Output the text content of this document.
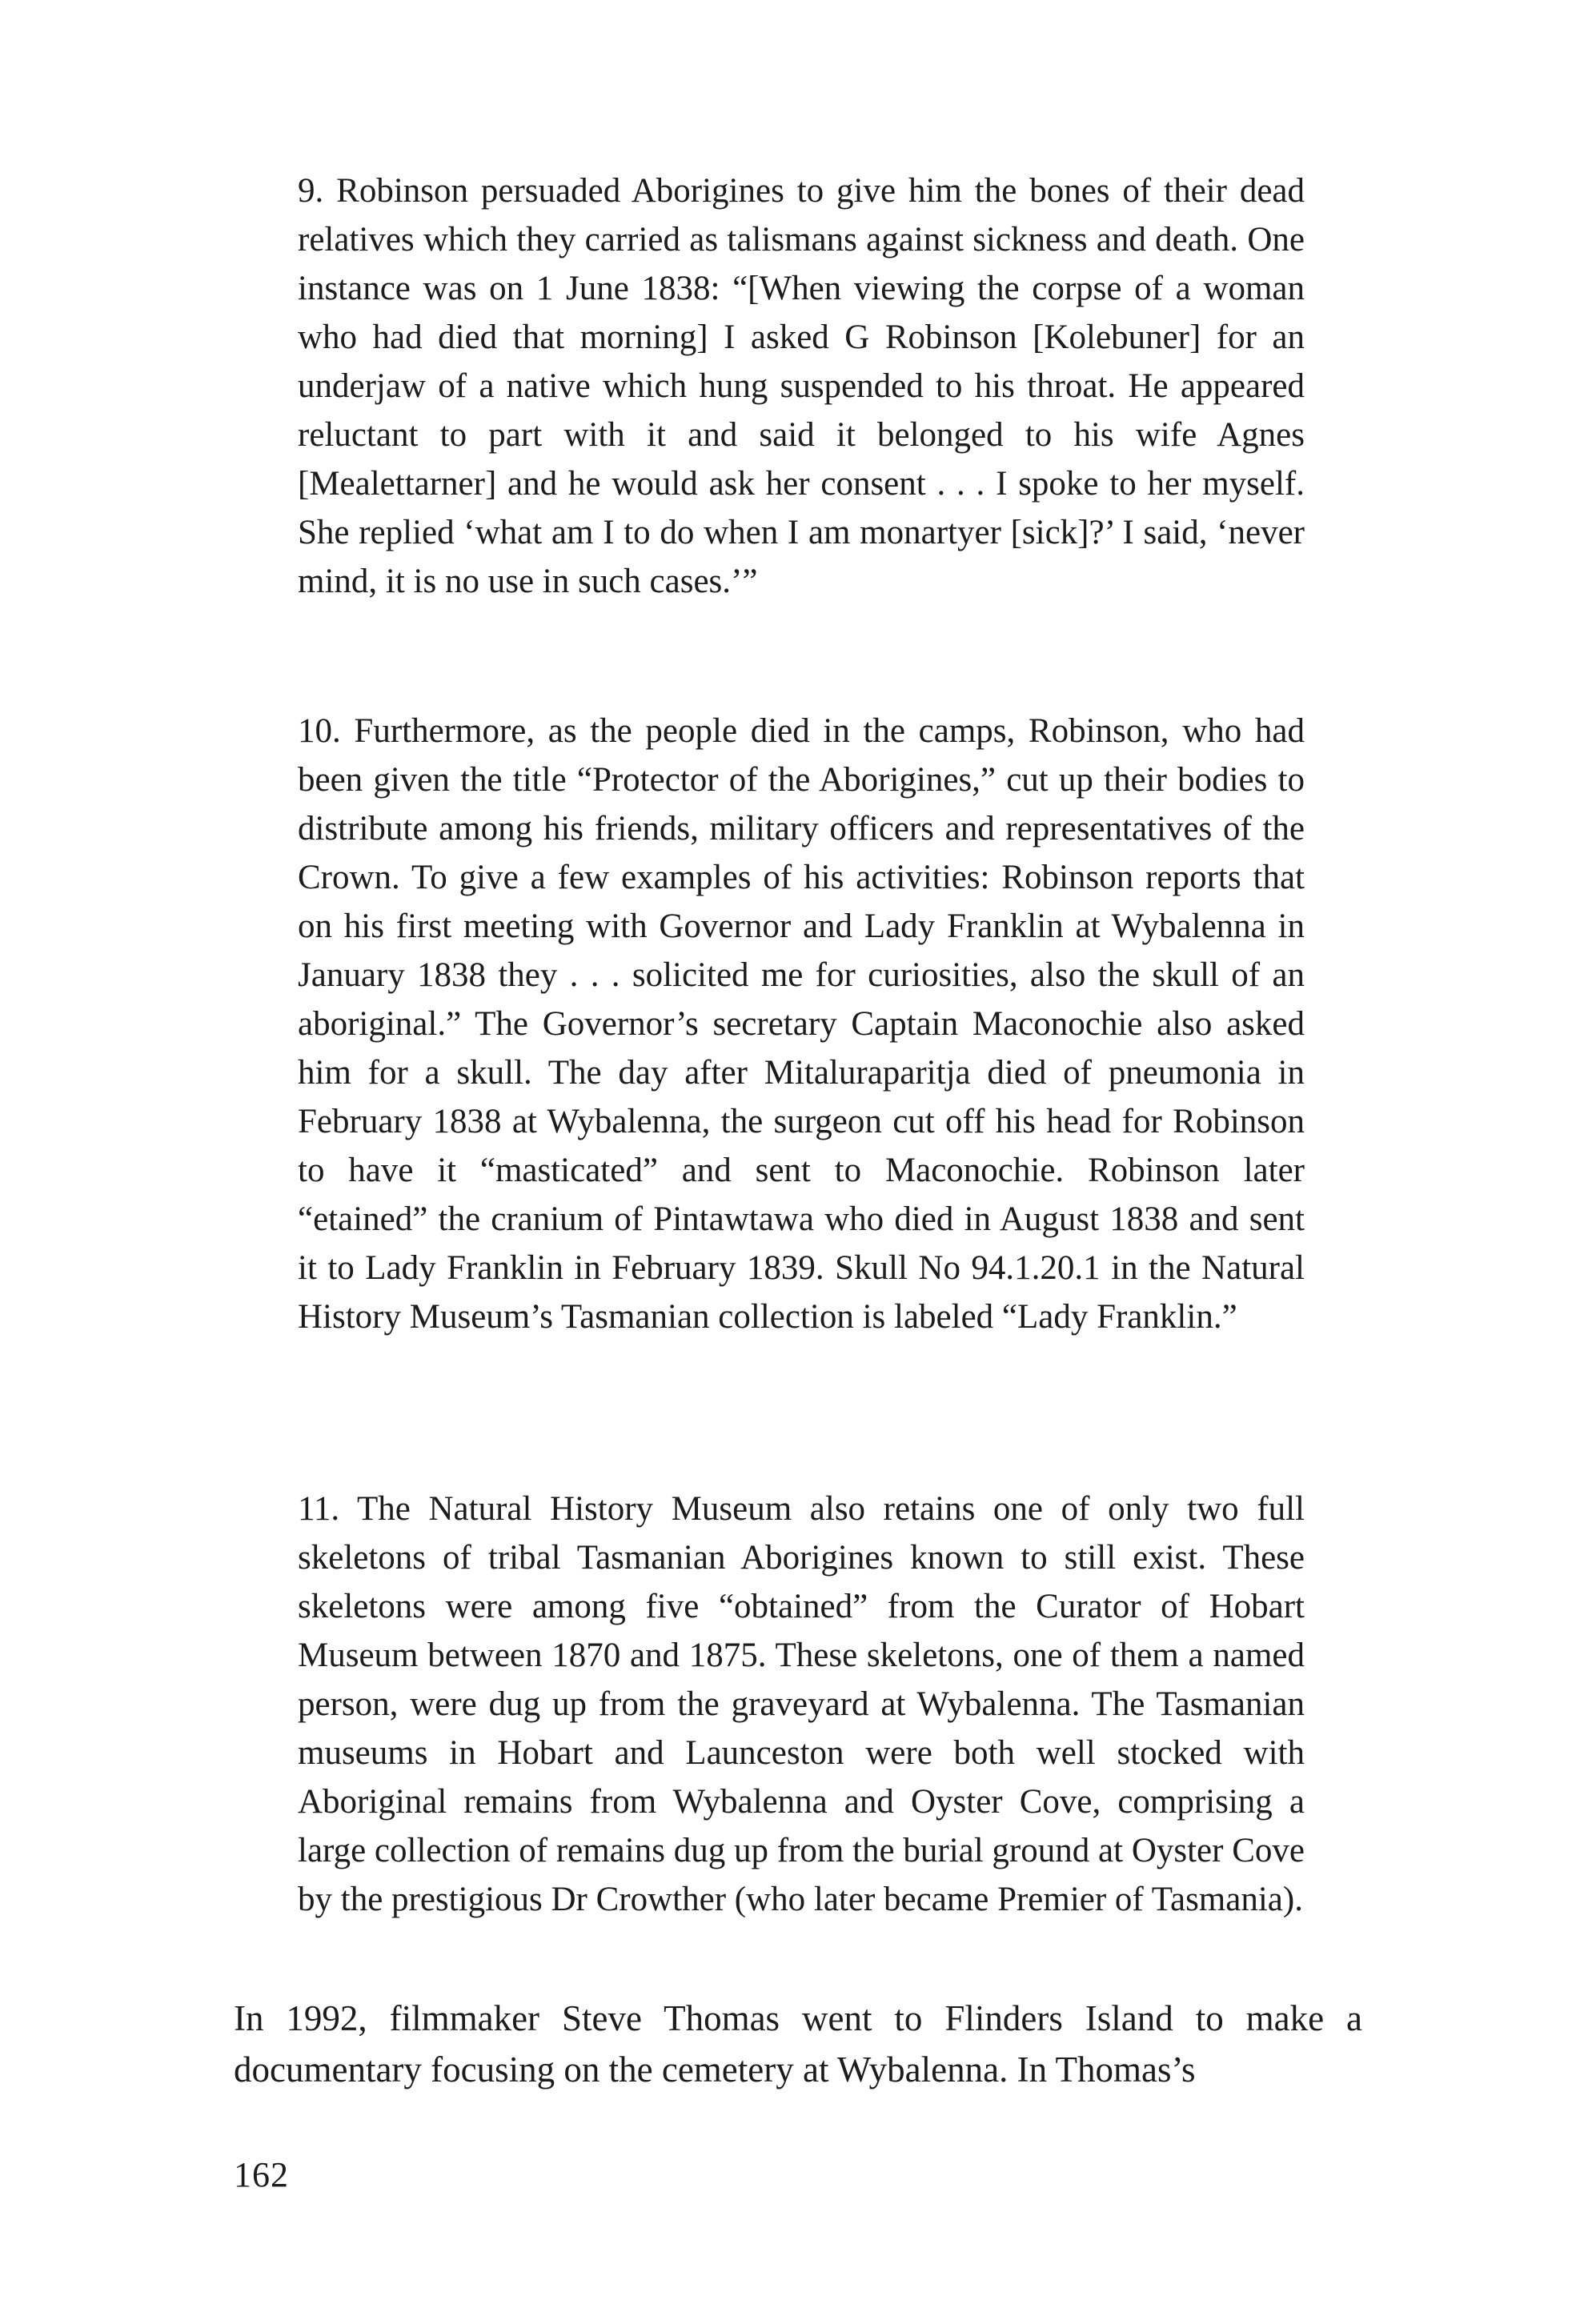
9. Robinson persuaded Aborigines to give him the bones of their dead relatives which they carried as talismans against sickness and death. One instance was on 1 June 1838: “[When viewing the corpse of a woman who had died that morning] I asked G Robinson [Kolebuner] for an underjaw of a native which hung suspended to his throat. He appeared reluctant to part with it and said it belonged to his wife Agnes [Mealettarner] and he would ask her consent . . . I spoke to her myself. She replied ‘what am I to do when I am monartyer [sick]?’ I said, ‘never mind, it is no use in such cases.’”

10. Furthermore, as the people died in the camps, Robinson, who had been given the title “Protector of the Aborigines,” cut up their bodies to distribute among his friends, military officers and representatives of the Crown. To give a few examples of his activities: Robinson reports that on his first meeting with Governor and Lady Franklin at Wybalenna in January 1838 they . . . solicited me for curiosities, also the skull of an aboriginal.” The Governor’s secretary Captain Maconochie also asked him for a skull. The day after Mitaluraparitja died of pneumonia in February 1838 at Wybalenna, the surgeon cut off his head for Robinson to have it “masticated” and sent to Maconochie. Robinson later “etained” the cranium of Pintawtawa who died in August 1838 and sent it to Lady Franklin in February 1839. Skull No 94.1.20.1 in the Natural History Museum’s Tasmanian collection is labeled “Lady Franklin.”

11. The Natural History Museum also retains one of only two full skeletons of tribal Tasmanian Aborigines known to still exist. These skeletons were among five “obtained” from the Curator of Hobart Museum between 1870 and 1875. These skeletons, one of them a named person, were dug up from the graveyard at Wybalenna. The Tasmanian museums in Hobart and Launceston were both well stocked with Aboriginal remains from Wybalenna and Oyster Cove, comprising a large collection of remains dug up from the burial ground at Oyster Cove by the prestigious Dr Crowther (who later became Premier of Tasmania).

In 1992, filmmaker Steve Thomas went to Flinders Island to make a documentary focusing on the cemetery at Wybalenna. In Thomas’s

162
